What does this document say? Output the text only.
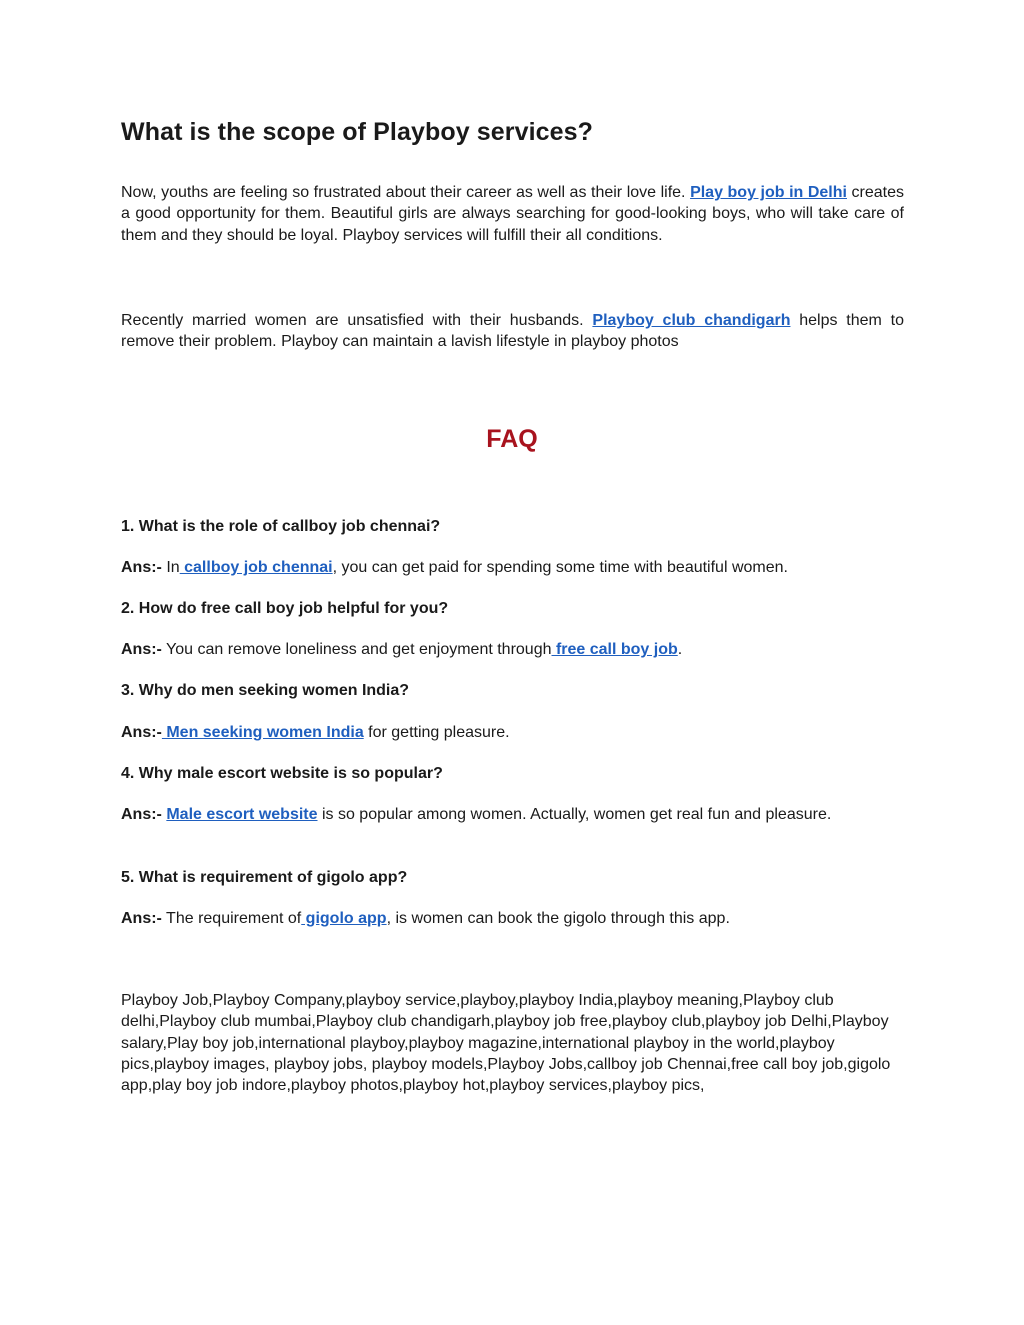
What is the scope of Playboy services?

Now, youths are feeling so frustrated about their career as well as their love life. Play boy job in Delhi creates a good opportunity for them. Beautiful girls are always searching for good-looking boys, who will take care of them and they should be loyal. Playboy services will fulfill their all conditions.

Recently married women are unsatisfied with their husbands. Playboy club chandigarh helps them to remove their problem. Playboy can maintain a lavish lifestyle in playboy photos

FAQ

1. What is the role of callboy job chennai?

Ans:- In callboy job chennai, you can get paid for spending some time with beautiful women.

2. How do free call boy job helpful for you?

Ans:- You can remove loneliness and get enjoyment through free call boy job.

3. Why do men seeking women India?

Ans:- Men seeking women India for getting pleasure.

4. Why male escort website is so popular?

Ans:- Male escort website is so popular among women. Actually, women get real fun and pleasure.

5. What is requirement of gigolo app?

Ans:- The requirement of gigolo app, is women can book the gigolo through this app.

Playboy Job,Playboy Company,playboy service,playboy,playboy India,playboy meaning,Playboy club delhi,Playboy club mumbai,Playboy club chandigarh,playboy job free,playboy club,playboy job Delhi,Playboy salary,Play boy job,international playboy,playboy magazine,international playboy in the world,playboy pics,playboy images, playboy jobs, playboy models,Playboy Jobs,callboy job Chennai,free call boy job,gigolo app,play boy job indore,playboy photos,playboy hot,playboy services,playboy pics,
